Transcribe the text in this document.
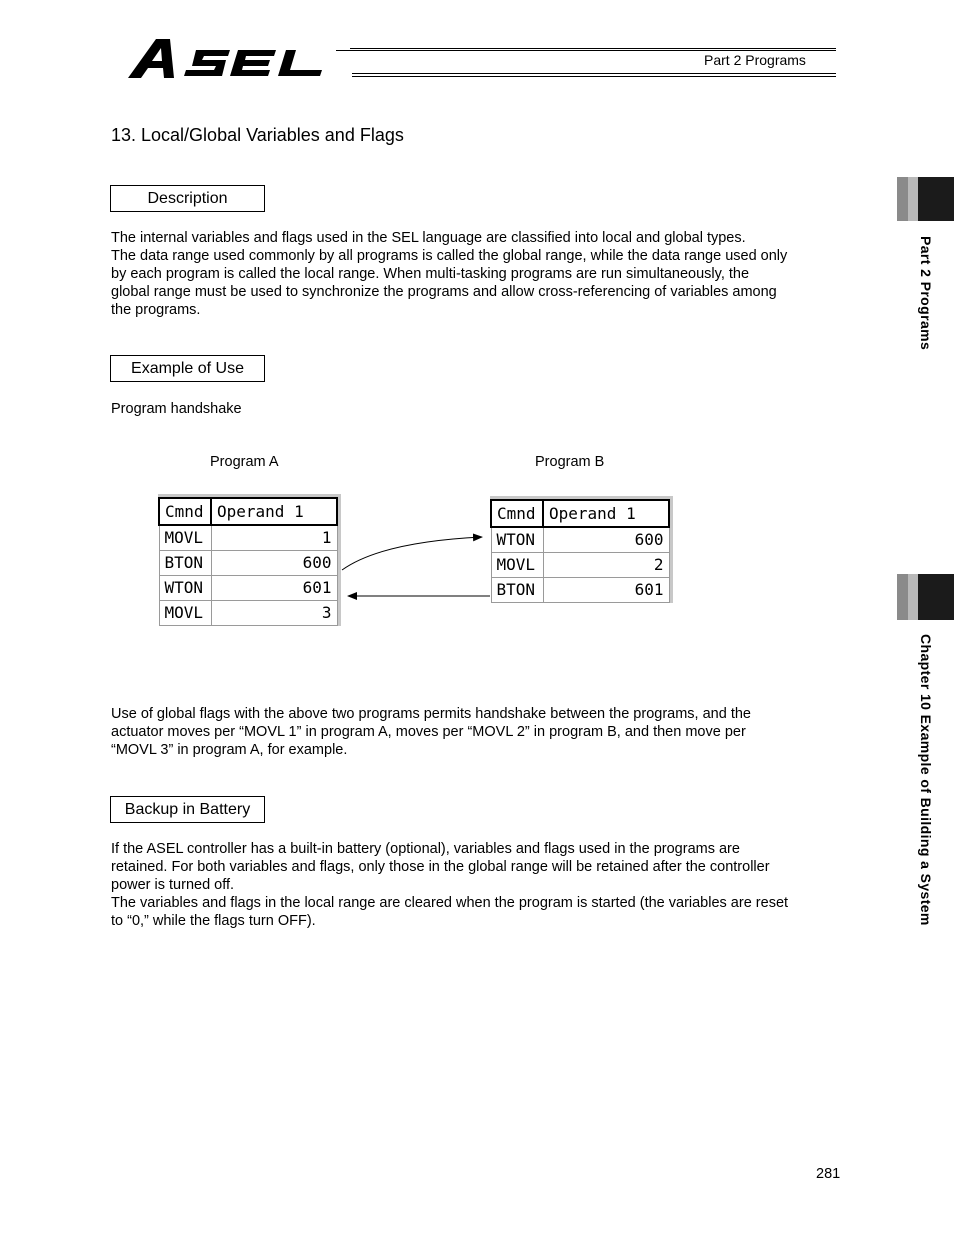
Part 2 Programs
13. Local/Global Variables and Flags
Description
The internal variables and flags used in the SEL language are classified into local and global types.
The data range used commonly by all programs is called the global range, while the data range used only
by each program is called the local range. When multi-tasking programs are run simultaneously, the
global range must be used to synchronize the programs and allow cross-referencing of variables among
the programs.
Example of Use
Program handshake
Program A	Program B
Cmnd	Operand 1
MOVL	1
BTON	600
WTON	601
MOVL	3
Cmnd	Operand 1
WTON	600
MOVL	2
BTON	601
Use of global flags with the above two programs permits handshake between the programs, and the
actuator moves per “MOVL 1” in program A, moves per “MOVL 2” in program B, and then move per
“MOVL 3” in program A, for example.
Backup in Battery
If the ASEL controller has a built-in battery (optional), variables and flags used in the programs are
retained. For both variables and flags, only those in the global range will be retained after the controller
power is turned off.
The variables and flags in the local range are cleared when the program is started (the variables are reset
to “0,” while the flags turn OFF).
Part 2 Programs
Chapter 10 Example of Building a System
281
